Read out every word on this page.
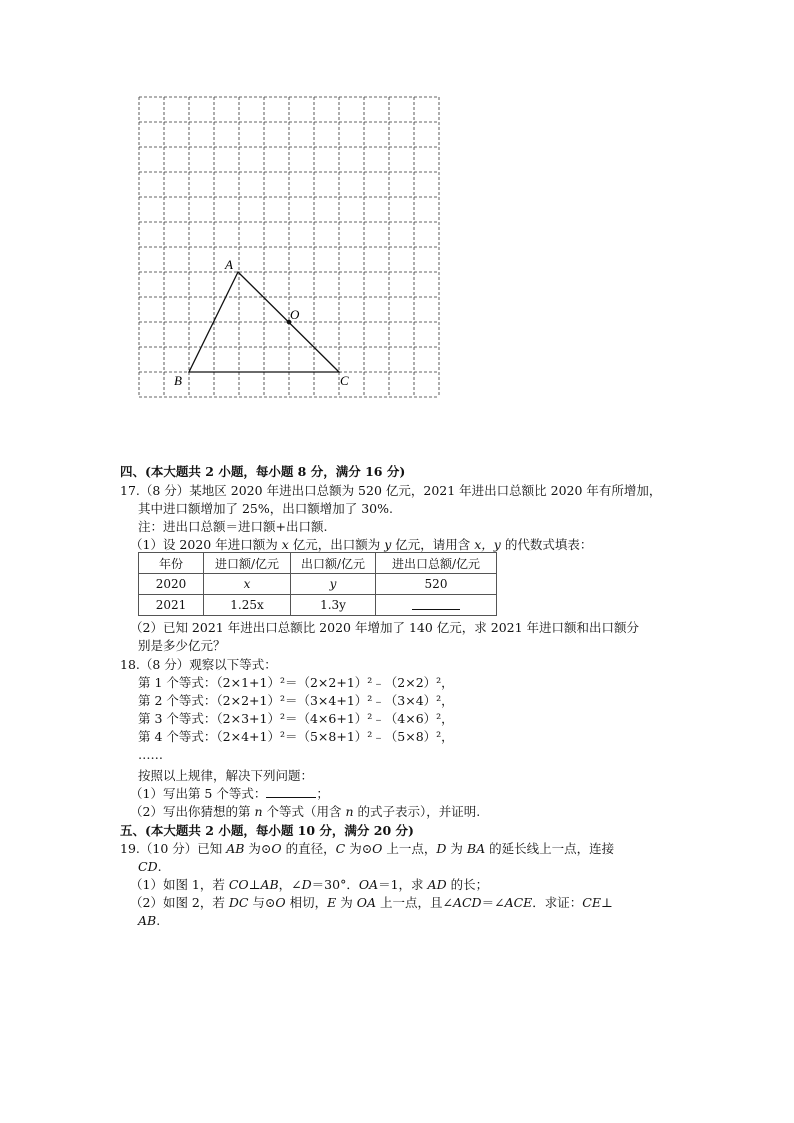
A
B	C
O
四、(本大题共 2 小题，每小题 8 分，满分 16 分)
17.（8 分）某地区 2020 年进出口总额为 520 亿元，2021 年进出口总额比 2020 年有所增加，
其中进口额增加了 25%，出口额增加了 30%.
注：进出口总额＝进口额+出口额.
（1）设 2020 年进口额为 x 亿元，出口额为 y 亿元，请用含 x，y 的代数式填表：
年份	进口额/亿元	出口额/亿元	进出口总额/亿元
2020	x	y	520
2021	1.25x	1.3y	
（2）已知 2021 年进出口总额比 2020 年增加了 140 亿元，求 2021 年进口额和出口额分
别是多少亿元？
18.（8 分）观察以下等式：
第 1 个等式：（2×1+1）²＝（2×2+1）²﹣（2×2）²，
第 2 个等式：（2×2+1）²＝（3×4+1）²﹣（3×4）²，
第 3 个等式：（2×3+1）²＝（4×6+1）²﹣（4×6）²，
第 4 个等式：（2×4+1）²＝（5×8+1）²﹣（5×8）²，
……
按照以上规律，解决下列问题：
（1）写出第 5 个等式：	；
（2）写出你猜想的第 n 个等式（用含 n 的式子表示），并证明.
五、(本大题共 2 小题，每小题 10 分，满分 20 分)
19.（10 分）已知 AB 为⊙O 的直径，C 为⊙O 上一点，D 为 BA 的延长线上一点，连接
CD.
（1）如图 1，若 CO⊥AB，∠D＝30°．OA＝1，求 AD 的长；
（2）如图 2，若 DC 与⊙O 相切，E 为 OA 上一点，且∠ACD＝∠ACE．求证：CE⊥
AB.
